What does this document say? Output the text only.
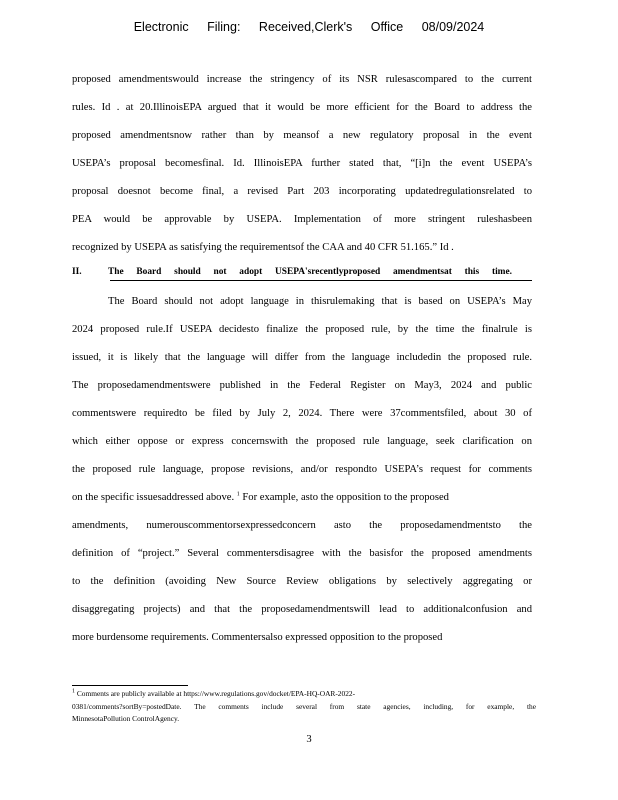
Electronic Filing: Received,Clerk's Office 08/09/2024
proposed amendmentswould increase the stringency of its NSR rulesascompared to the current
rules. Id . at 20.IllinoisEPA argued that it would be more efficient for the Board to address the
proposed amendmentsnow rather than by meansof a new regulatory proposal in the event
USEPA’s proposal becomesfinal. Id. IllinoisEPA further stated that, “[i]n the event USEPA’s
proposal doesnot become final, a revised Part 203 incorporating updatedregulationsrelated to
PEA would be approvable by USEPA. Implementation of more stringent ruleshasbeen
recognized by USEPA as satisfying the requirementsof the CAA and 40 CFR 51.165.” Id .
II.	The Board should not adopt USEPA'srecentlyproposed amendmentsat this time.
The Board should not adopt language in thisrulemaking that is based on USEPA’s May
2024 proposed rule.If USEPA decidesto finalize the proposed rule, by the time the finalrule is
issued, it is likely that the language will differ from the language includedin the proposed rule.
The proposedamendmentswere published in the Federal Register on May3, 2024 and public
commentswere requiredto be filed by July 2, 2024. There were 37commentsfiled, about 30 of
which either oppose or express concernswith the proposed rule language, seek clarification on
the proposed rule language, propose revisions, and/or respondto USEPA’s request for comments
on the specific issuesaddressed above. $^1$ For example, asto the opposition to the proposed
amendments, numerouscommentorsexpressedconcern asto the proposedamendmentsto the
definition of “project.” Several commentersdisagree with the basisfor the proposed amendments
to the definition (avoiding New Source Review obligations by selectively aggregating or
disaggregating projects) and that the proposedamendmentswill lead to additionalconfusion and
more burdensome requirements. Commentersalso expressed opposition to the proposed
$^1$ Comments are publicly available at https://www.regulations.gov/docket/EPA-HQ-OAR-2022-
0381/comments?sortBy=postedDate. The comments include several from state agencies, including, for example, the
MinnesotaPollution ControlAgency.
3
